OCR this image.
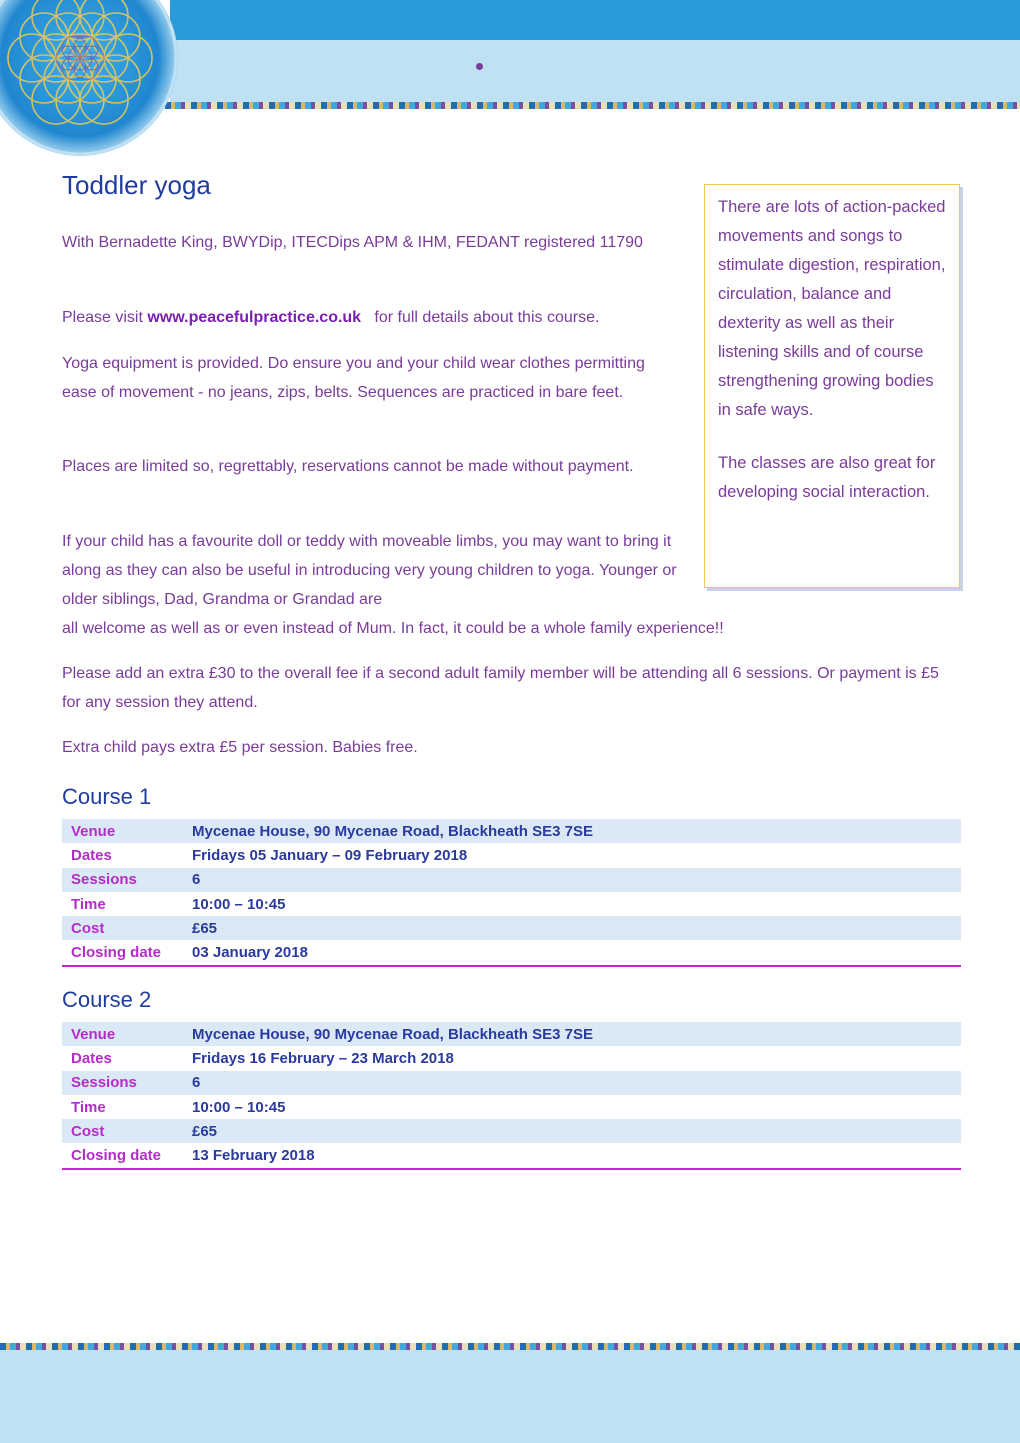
Toddler yoga

With Bernadette King, BWYDip, ITECDips APM & IHM, FEDANT registered 11790

Please visit www.peacefulpractice.co.uk   for full details about this course.

Yoga equipment is provided. Do ensure you and your child wear clothes permitting ease of movement - no jeans, zips, belts. Sequences are practiced in bare feet.

Places are limited so, regrettably, reservations cannot be made without payment.

If your child has a favourite doll or teddy with moveable limbs, you may want to bring it along as they can also be useful in introducing very young children to yoga. Younger or older siblings, Dad, Grandma or Grandad are

all welcome as well as or even instead of Mum. In fact, it could be a whole family experience!!

Please add an extra £30 to the overall fee if a second adult family member will be attending all 6 sessions. Or payment is £5 for any session they attend.

Extra child pays extra £5 per session. Babies free.

There are lots of action-packed movements and songs to stimulate digestion, respiration, circulation, balance and dexterity as well as their listening skills and of course strengthening growing bodies in safe ways.

The classes are also great for developing social interaction.

Course 1
Venue	Mycenae House, 90 Mycenae Road, Blackheath SE3 7SE
Dates	Fridays 05 January – 09 February 2018
Sessions	6
Time	10:00 – 10:45
Cost	£65
Closing date	03 January 2018
Course 2
Venue	Mycenae House, 90 Mycenae Road, Blackheath SE3 7SE
Dates	Fridays 16 February – 23 March 2018
Sessions	6
Time	10:00 – 10:45
Cost	£65
Closing date	13 February 2018
